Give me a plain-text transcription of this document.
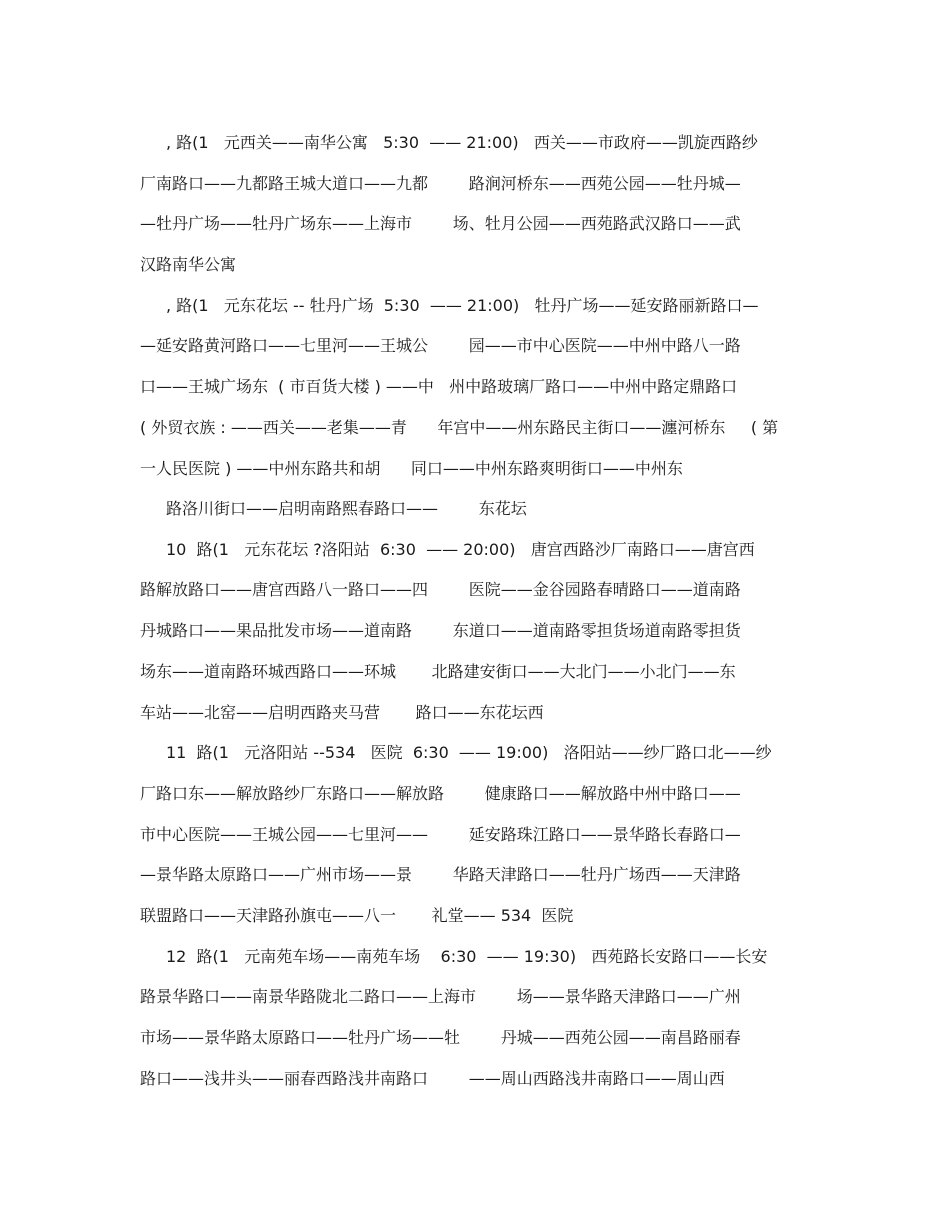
, 路(1   元西关——南华公寓   5:30  —— 21:00)   西关——市政府——凯旋西路纱
厂南路口——九都路王城大道口——九都        路涧河桥东——西苑公园——牡丹城—
—牡丹广场——牡丹广场东——上海市        场、牡月公园——西苑路武汉路口——武
汉路南华公寓
, 路(1   元东花坛 -- 牡丹广场  5:30  —— 21:00)   牡丹广场——延安路丽新路口—
—延安路黄河路口——七里河——王城公        园——市中心医院——中州中路八一路
口——王城广场东  ( 市百货大楼 ) ——中   州中路玻璃厂路口——中州中路定鼎路口
( 外贸衣族 : ——西关——老集——青      年宫中——州东路民主街口——瀍河桥东     ( 第
一人民医院 ) ——中州东路共和胡      同口——中州东路爽明街口——中州东
路洛川街口——启明南路熙春路口——        东花坛
10  路(1   元东花坛 ?洛阳站  6:30  —— 20:00)   唐宫西路沙厂南路口——唐宫西
路解放路口——唐宫西路八一路口——四        医院——金谷园路春晴路口——道南路
丹城路口——果品批发市场——道南路        东道口——道南路零担货场道南路零担货
场东——道南路环城西路口——环城       北路建安街口——大北门——小北门——东
车站——北窑——启明西路夹马营       路口——东花坛西
11  路(1   元洛阳站 --534   医院  6:30  —— 19:00)   洛阳站——纱厂路口北——纱
厂路口东——解放路纱厂东路口——解放路        健康路口——解放路中州中路口——
市中心医院——王城公园——七里河——        延安路珠江路口——景华路长春路口—
—景华路太原路口——广州市场——景        华路天津路口——牡丹广场西——天津路
联盟路口——天津路孙旗屯——八一       礼堂—— 534  医院
12  路(1   元南苑车场——南苑车场    6:30  —— 19:30)   西苑路长安路口——长安
路景华路口——南景华路陇北二路口——上海市        场——景华路天津路口——广州
市场——景华路太原路口——牡丹广场——牡        丹城——西苑公园——南昌路丽春
路口——浅井头——丽春西路浅井南路口        ——周山西路浅井南路口——周山西
